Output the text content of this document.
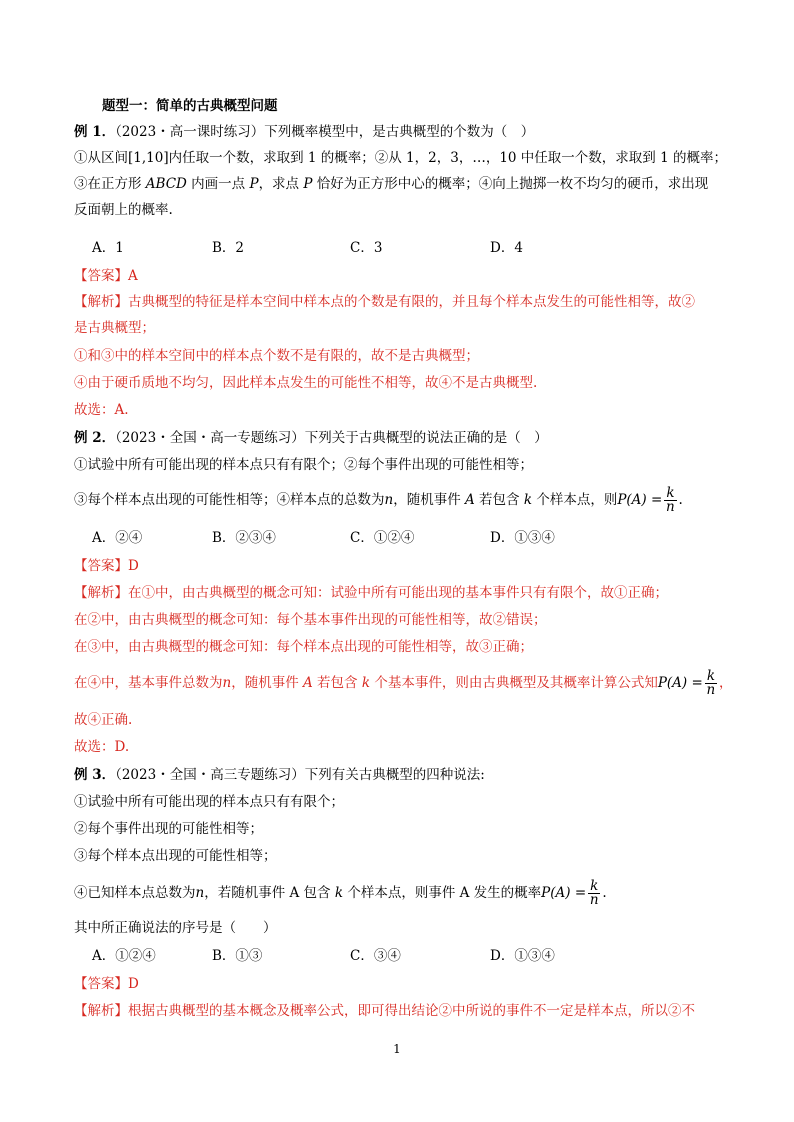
题型一：简单的古典概型问题
例 1．（2023・高一课时练习）下列概率模型中，是古典概型的个数为（　）
①从区间[1,10]内任取一个数，求取到 1 的概率；②从 1，2，3，…，10 中任取一个数，求取到 1 的概率；
③在正方形 ABCD 内画一点 P，求点 P 恰好为正方形中心的概率；④向上抛掷一枚不均匀的硬币，求出现
反面朝上的概率.
A．1	B．2	C．3	D．4
【答案】A
【解析】古典概型的特征是样本空间中样本点的个数是有限的，并且每个样本点发生的可能性相等，故②
是古典概型；
①和③中的样本空间中的样本点个数不是有限的，故不是古典概型；
④由于硬币质地不均匀，因此样本点发生的可能性不相等，故④不是古典概型.
故选：A.
例 2．（2023・全国・高一专题练习）下列关于古典概型的说法正确的是（　）
①试验中所有可能出现的样本点只有有限个；②每个事件出现的可能性相等；
③每个样本点出现的可能性相等；④样本点的总数为n，随机事件 A 若包含 k 个样本点，则$P(A) = \frac{k}{n}$ .
A．②④	B．②③④	C．①②④	D．①③④
【答案】D
【解析】在①中，由古典概型的概念可知：试验中所有可能出现的基本事件只有有限个，故①正确；
在②中，由古典概型的概念可知：每个基本事件出现的可能性相等，故②错误；
在③中，由古典概型的概念可知：每个样本点出现的可能性相等，故③正确；
在④中，基本事件总数为n，随机事件 A 若包含 k 个基本事件，则由古典概型及其概率计算公式知$P(A) = \frac{k}{n}$ ，
故④正确.
故选：D.
例 3．（2023・全国・高三专题练习）下列有关古典概型的四种说法:
①试验中所有可能出现的样本点只有有限个；
②每个事件出现的可能性相等；
③每个样本点出现的可能性相等；
④已知样本点总数为n，若随机事件 A 包含 k 个样本点，则事件 A 发生的概率$P(A) = \frac{k}{n}$ .
其中所正确说法的序号是（　　）
A．①②④	B．①③	C．③④	D．①③④
【答案】D
【解析】根据古典概型的基本概念及概率公式，即可得出结论②中所说的事件不一定是样本点，所以②不
1
